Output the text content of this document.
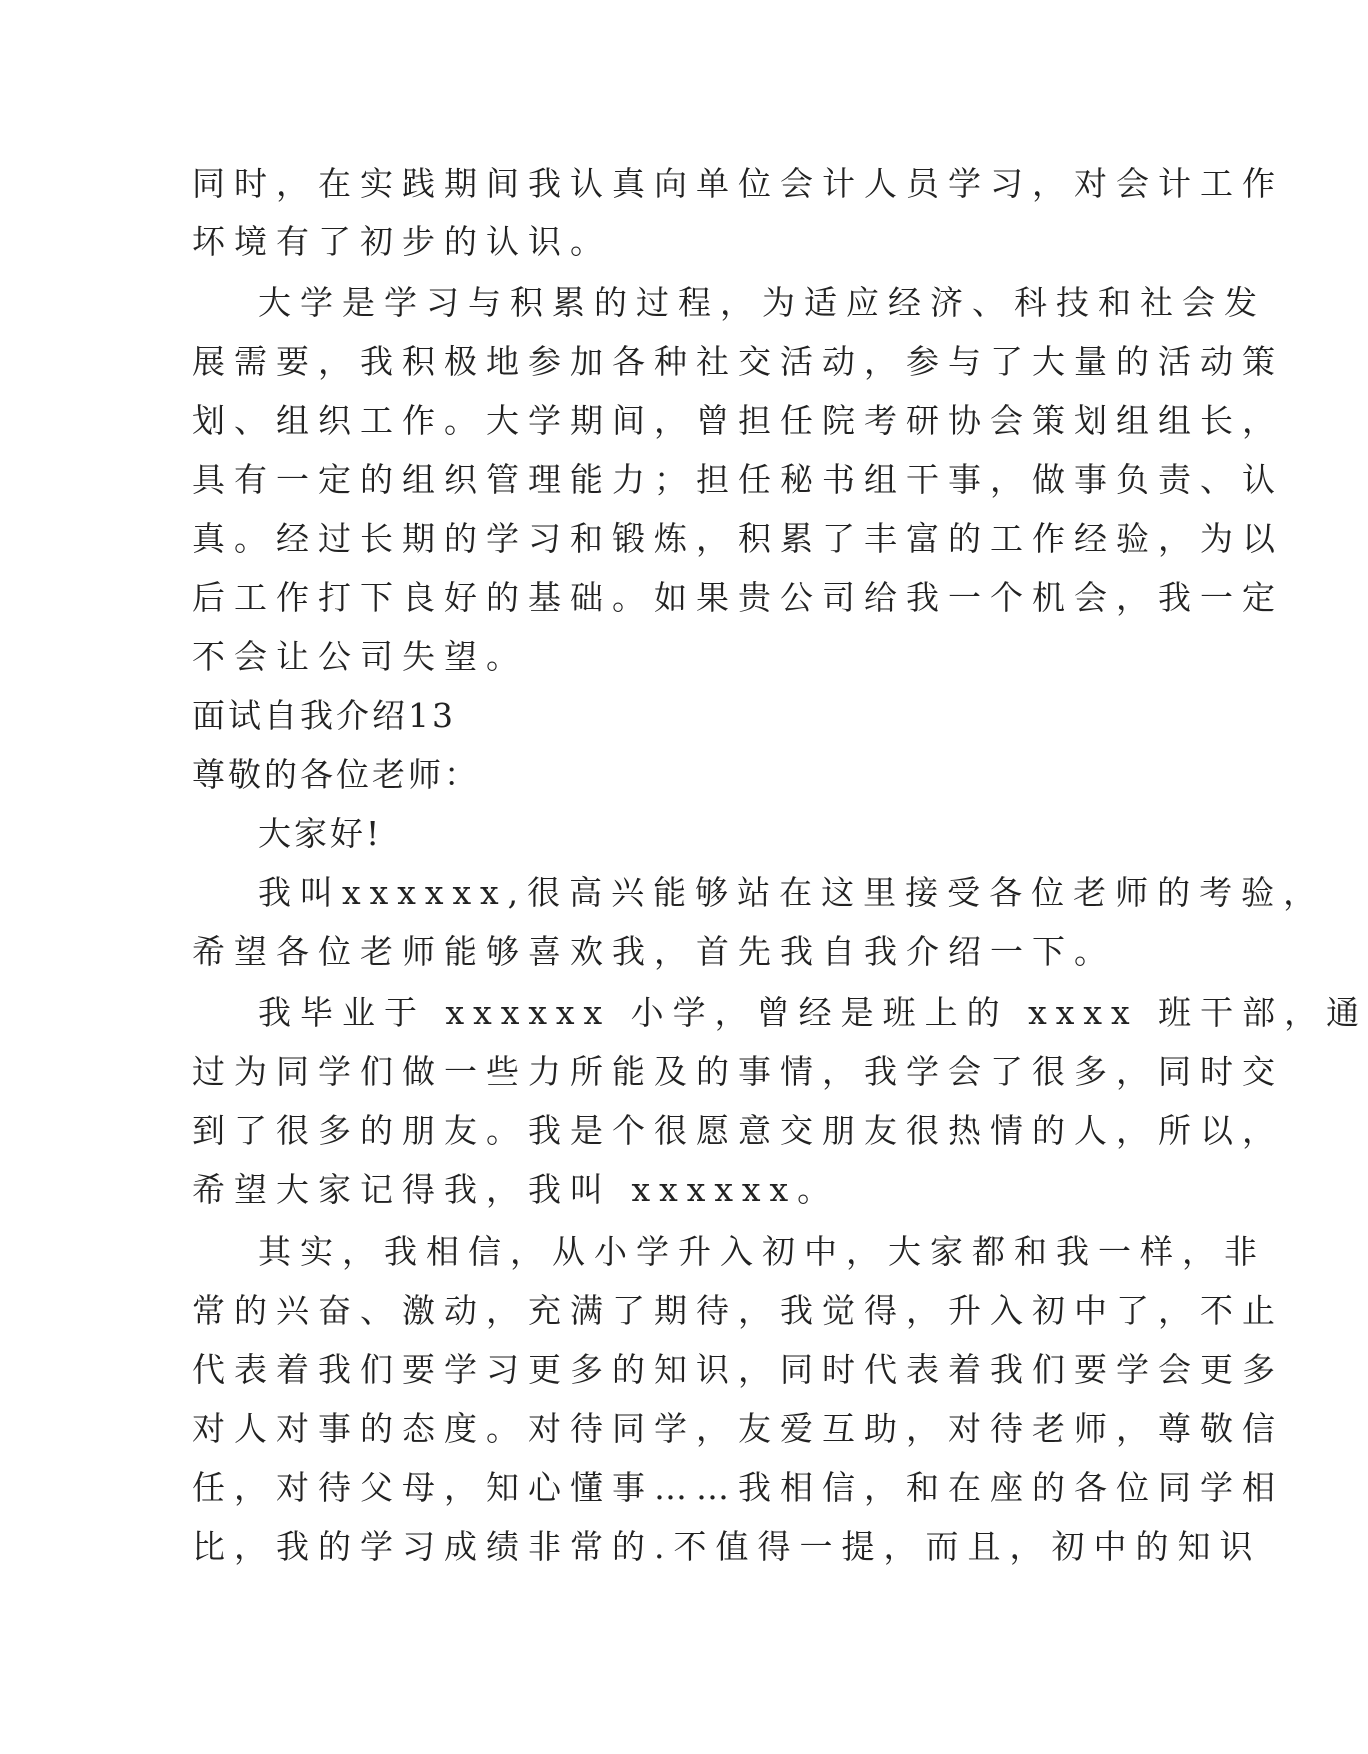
同时，在实践期间我认真向单位会计人员学习，对会计工作
坏境有了初步的认识。
大学是学习与积累的过程，为适应经济、科技和社会发
展需要，我积极地参加各种社交活动，参与了大量的活动策
划、组织工作。大学期间，曾担任院考研协会策划组组长，
具有一定的组织管理能力；担任秘书组干事，做事负责、认
真。经过长期的学习和锻炼，积累了丰富的工作经验，为以
后工作打下良好的基础。如果贵公司给我一个机会，我一定
不会让公司失望。
面试自我介绍13
尊敬的各位老师：
大家好!
我叫xxxxxx,很高兴能够站在这里接受各位老师的考验，
希望各位老师能够喜欢我，首先我自我介绍一下。
我毕业于 xxxxxx 小学，曾经是班上的 xxxx 班干部，通
过为同学们做一些力所能及的事情，我学会了很多，同时交
到了很多的朋友。我是个很愿意交朋友很热情的人，所以，
希望大家记得我，我叫 xxxxxx。
其实，我相信，从小学升入初中，大家都和我一样，非
常的兴奋、激动，充满了期待，我觉得，升入初中了，不止
代表着我们要学习更多的知识，同时代表着我们要学会更多
对人对事的态度。对待同学，友爱互助，对待老师，尊敬信
任，对待父母，知心懂事……我相信，和在座的各位同学相
比，我的学习成绩非常的.不值得一提，而且，初中的知识
